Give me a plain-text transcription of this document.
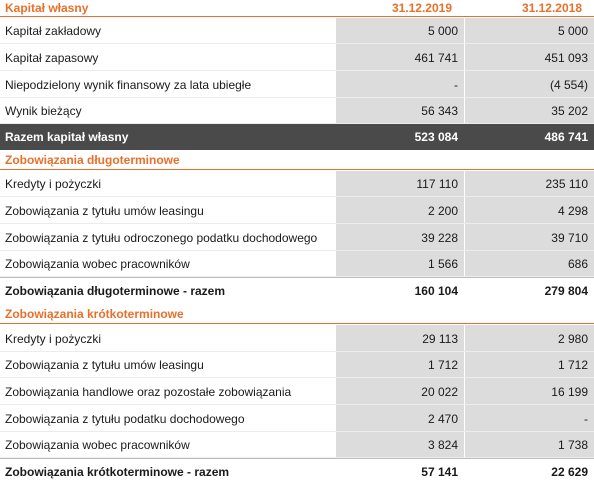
Kapitał własny	31.12.2019	31.12.2018
Kapitał zakładowy	5 000	5 000
Kapitał zapasowy	461 741	451 093
Niepodzielony wynik finansowy za lata ubiegłe	-	(4 554)
Wynik bieżący	56 343	35 202
Razem kapitał własny	523 084	486 741
Zobowiązania długoterminowe
Kredyty i pożyczki	117 110	235 110
Zobowiązania z tytułu umów leasingu	2 200	4 298
Zobowiązania z tytułu odroczonego podatku dochodowego	39 228	39 710
Zobowiązania wobec pracowników	1 566	686
Zobowiązania długoterminowe - razem	160 104	279 804
Zobowiązania krótkoterminowe
Kredyty i pożyczki	29 113	2 980
Zobowiązania z tytułu umów leasingu	1 712	1 712
Zobowiązania handlowe oraz pozostałe zobowiązania	20 022	16 199
Zobowiązania z tytułu podatku dochodowego	2 470	-
Zobowiązania wobec pracowników	3 824	1 738
Zobowiązania krótkoterminowe - razem	57 141	22 629
